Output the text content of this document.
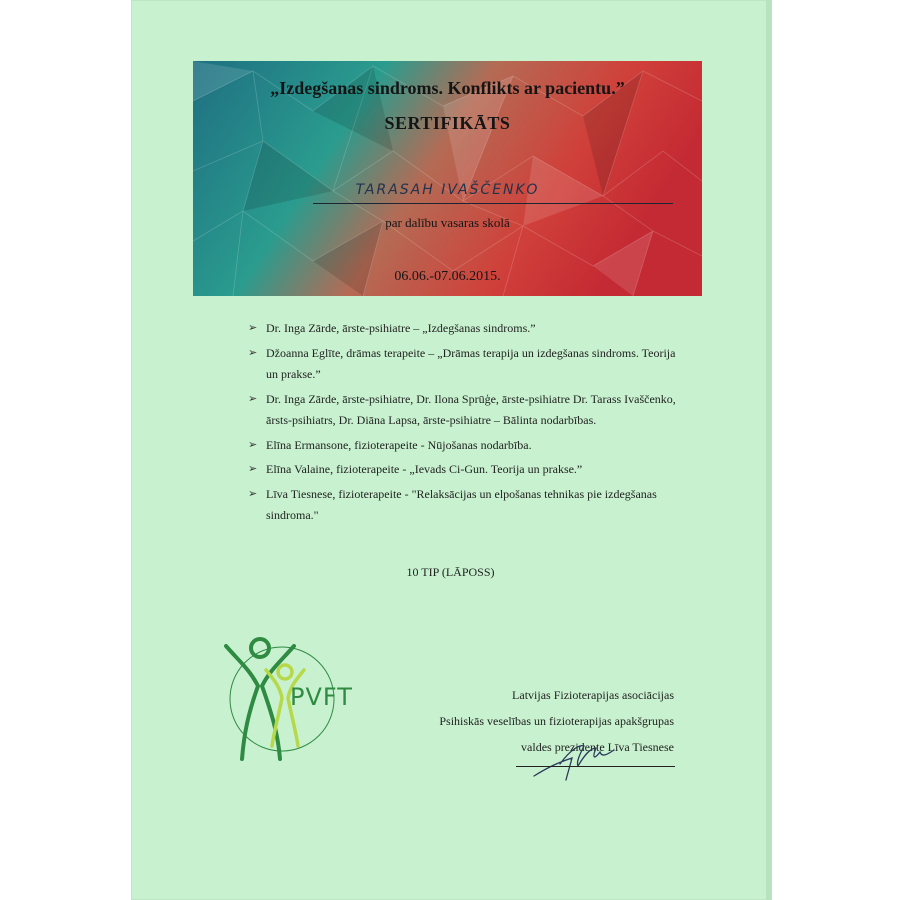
„Izdegšanas sindroms. Konflikts ar pacientu.”
SERTIFIKĀTS
TARASAH IVAŠČENKO
par dalību vasaras skolā
06.06.-07.06.2015.
➢ Dr. Inga Zārde, ārste-psihiatre – „Izdegšanas sindroms.”
➢ Džoanna Eglīte, drāmas terapeite – „Drāmas terapija un izdegšanas sindroms. Teorija un prakse.”
➢ Dr. Inga Zārde, ārste-psihiatre, Dr. Ilona Sprūģe, ārste-psihiatre Dr. Tarass Ivaščenko, ārsts-psihiatrs, Dr. Diāna Lapsa, ārste-psihiatre – Bālinta nodarbības.
➢ Elīna Ermansone, fizioterapeite - Nūjošanas nodarbība.
➢ Elīna Valaine, fizioterapeite - „Ievads Ci-Gun. Teorija un prakse.”
➢ Līva Tiesnese, fizioterapeite - "Relaksācijas un elpošanas tehnikas pie izdegšanas sindroma."
10 TIP (LĀPOSS)
PVFT	Latvijas Fizioterapijas asociācijas
Psihiskās veselības un fizioterapijas apakšgrupas
valdes prezidente Līva Tiesnese
